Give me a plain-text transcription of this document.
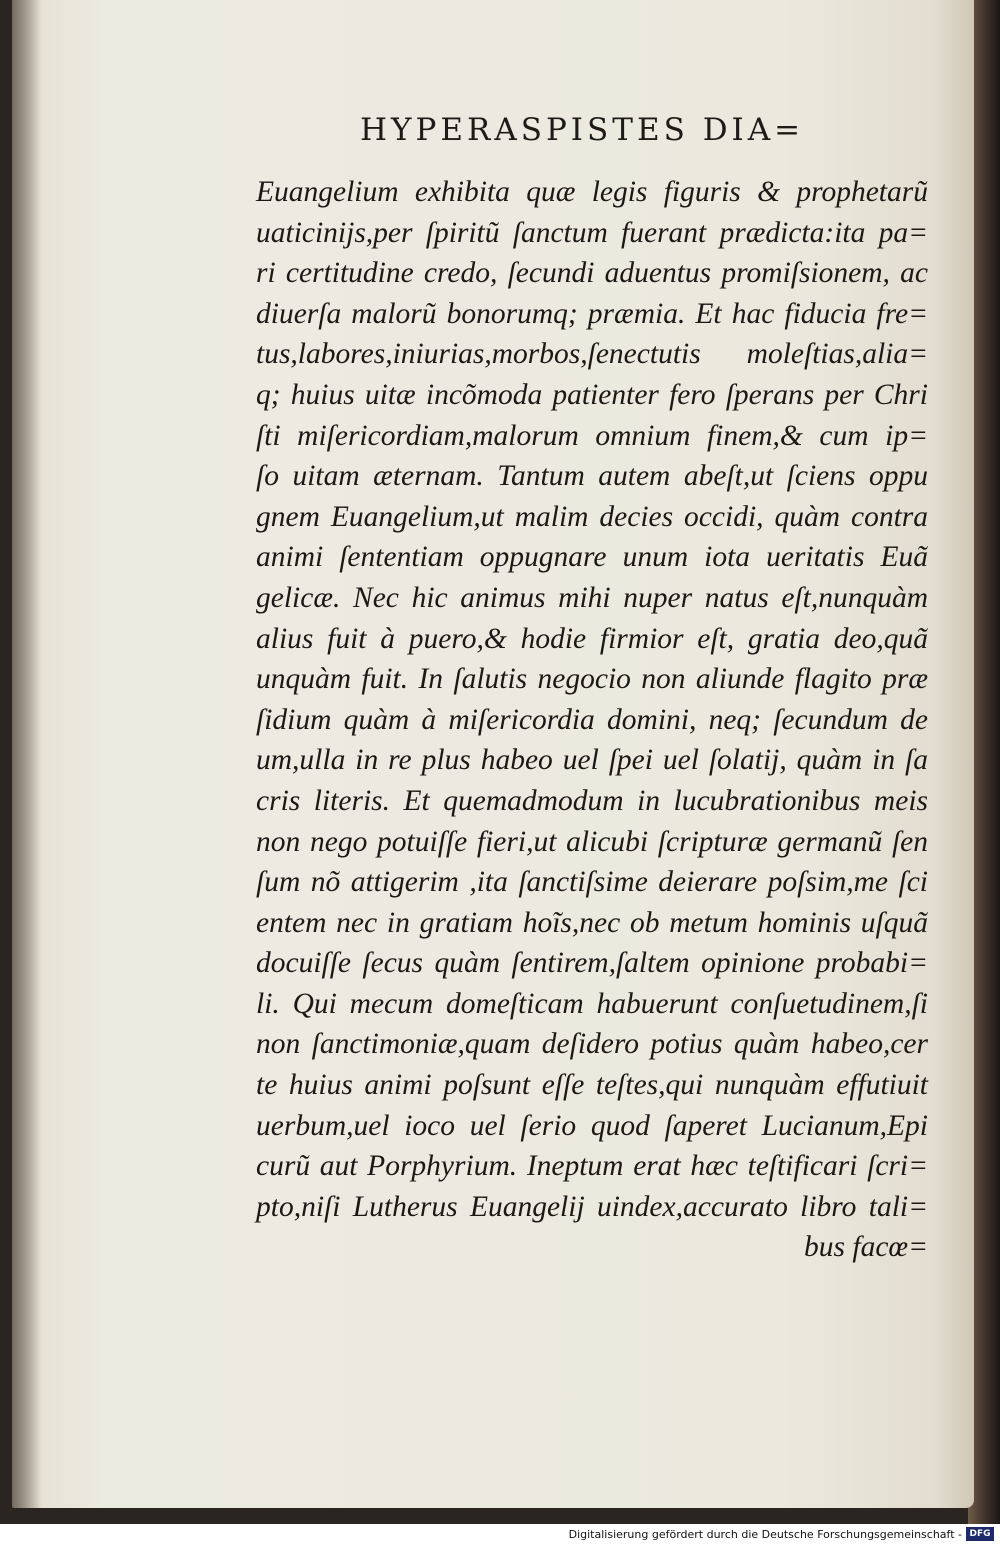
HYPERASPISTES DIA=
Euangelium exhibita quæ legis figuris & prophetarũ
uaticinijs,per ſpiritũ ſanctum fuerant prædicta:ita pa=
ri certitudine credo, ſecundi aduentus promiſsionem, ac
diuerſa malorũ bonorumq; præmia. Et hac fiducia fre=
tus,labores,iniurias,morbos,ſenectutis moleſtias,alia=
q; huius uitæ incõmoda patienter fero ſperans per Chri
ſti miſericordiam,malorum omnium finem,& cum ip=
ſo uitam æternam. Tantum autem abeſt,ut ſciens oppu
gnem Euangelium,ut malim decies occidi, quàm contra
animi ſententiam oppugnare unum iota ueritatis Euã
gelicæ. Nec hic animus mihi nuper natus eſt,nunquàm
alius fuit à puero,& hodie firmior eſt, gratia deo,quã
unquàm fuit. In ſalutis negocio non aliunde flagito præ
ſidium quàm à miſericordia domini, neq; ſecundum de
um,ulla in re plus habeo uel ſpei uel ſolatij, quàm in ſa
cris literis. Et quemadmodum in lucubrationibus meis
non nego potuiſſe fieri,ut alicubi ſcripturæ germanũ ſen
ſum nõ attigerim ,ita ſanctiſsime deierare poſsim,me ſci
entem nec in gratiam hoĩs,nec ob metum hominis uſquã
docuiſſe ſecus quàm ſentirem,ſaltem opinione probabi=
li. Qui mecum domeſticam habuerunt conſuetudinem,ſi
non ſanctimoniæ,quam deſidero potius quàm habeo,cer
te huius animi poſsunt eſſe teſtes,qui nunquàm effutiuit
uerbum,uel ioco uel ſerio quod ſaperet Lucianum,Epi
curũ aut Porphyrium. Ineptum erat hæc teſtificari ſcri=
pto,niſi Lutherus Euangelij uindex,accurato libro tali=
bus facœ=
Digitalisierung gefördert durch die Deutsche Forschungsgemeinschaft - DFG
